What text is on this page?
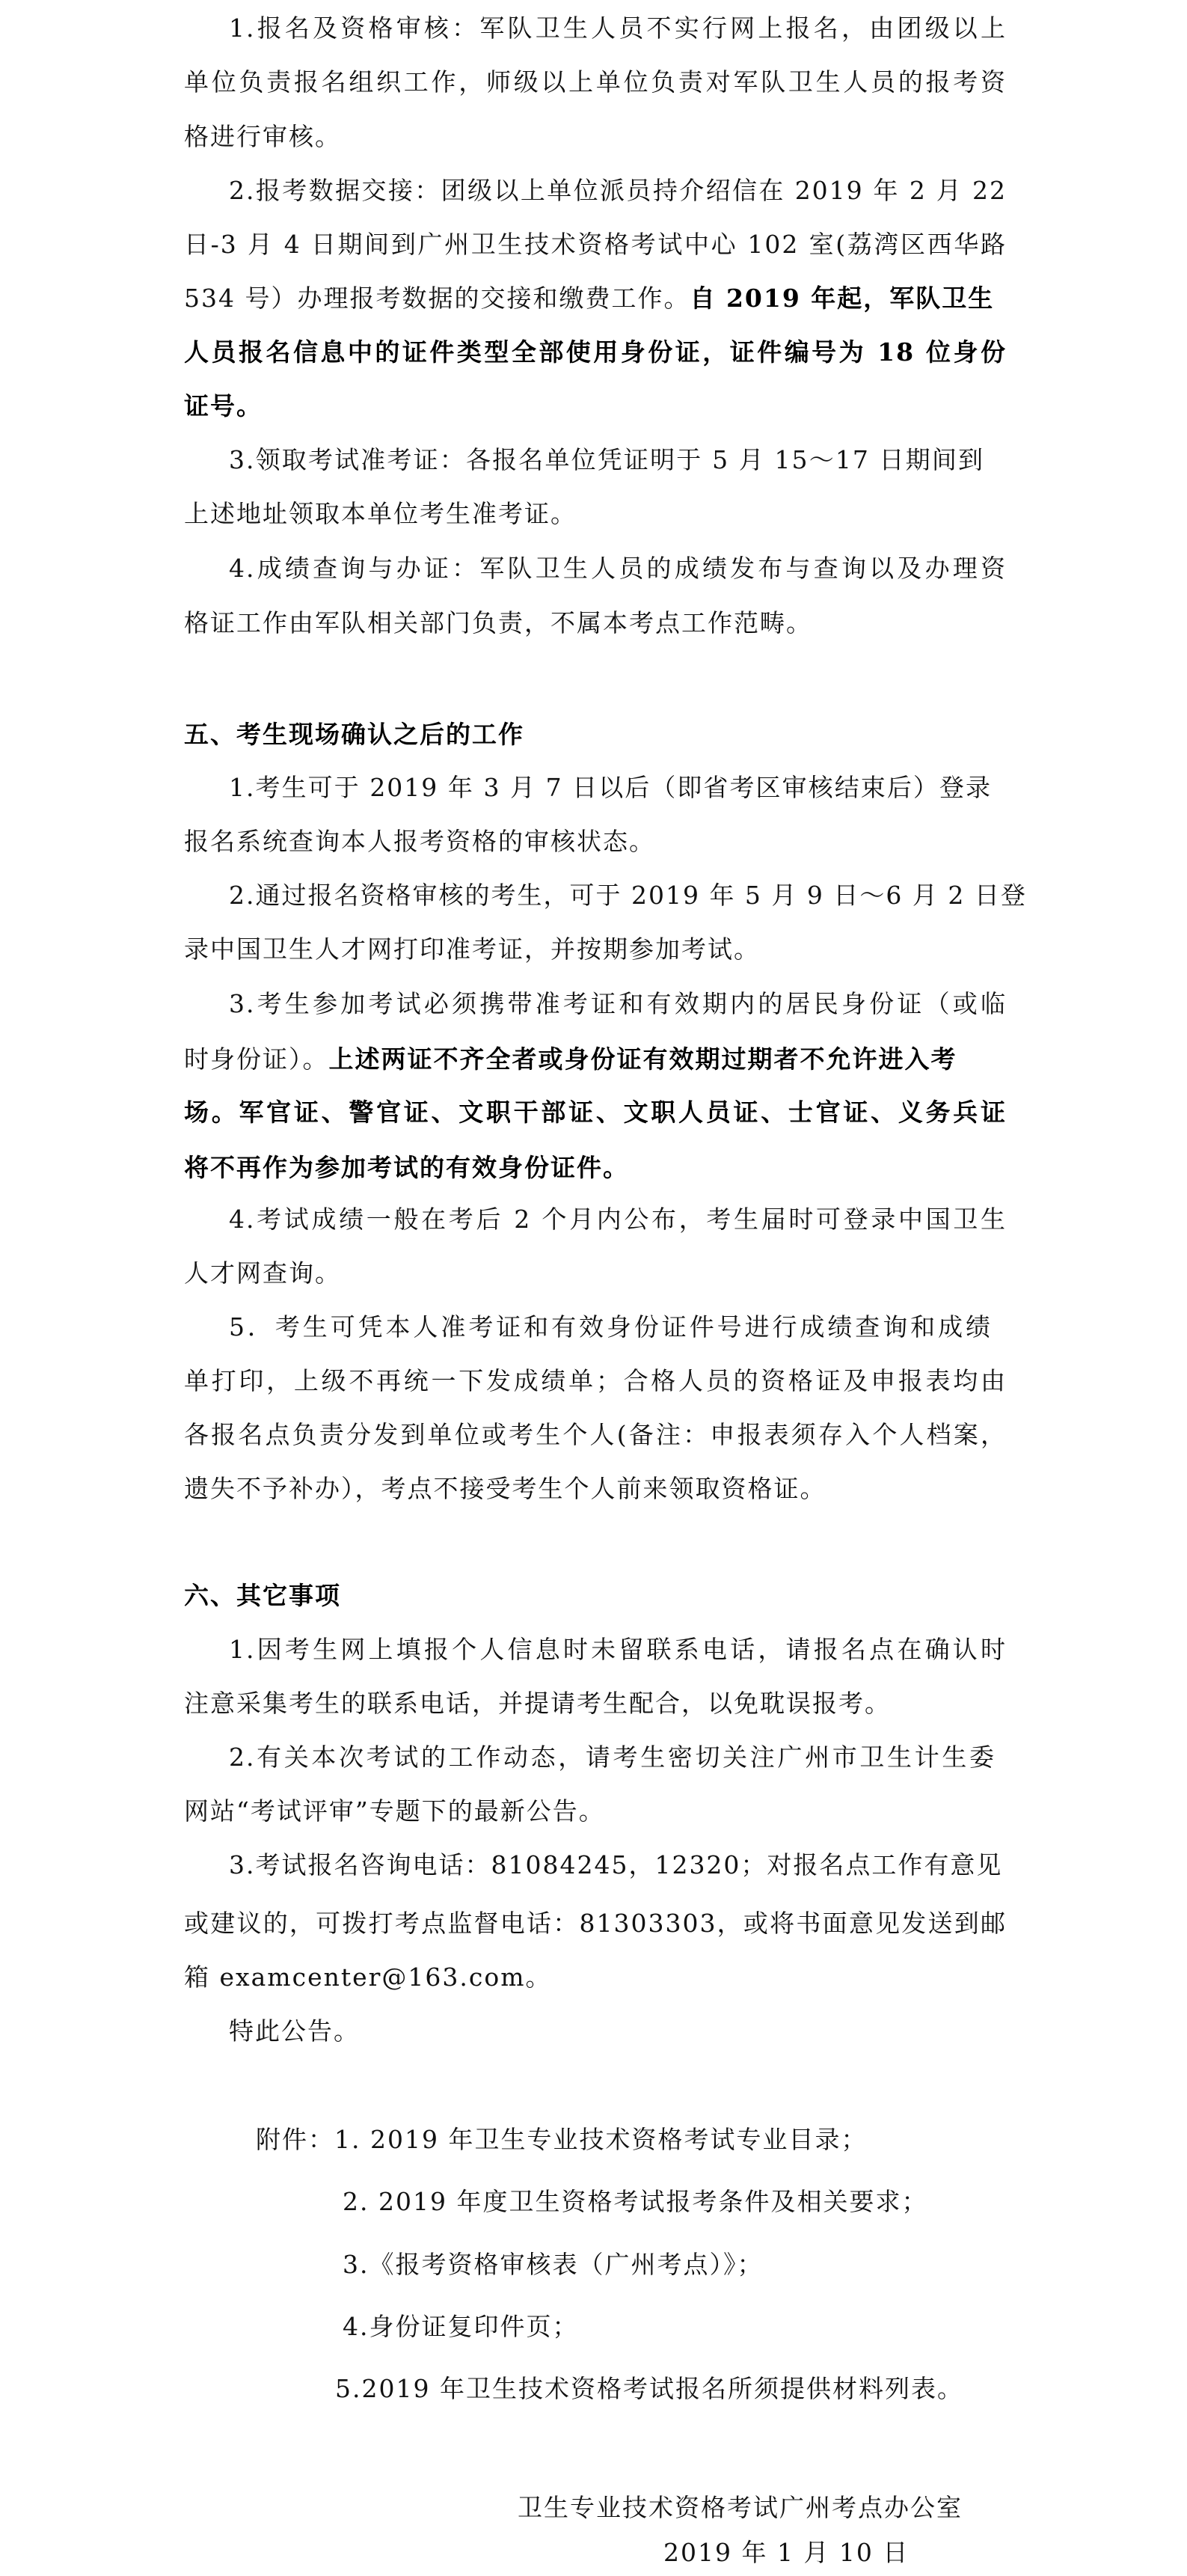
1.报名及资格审核：军队卫生人员不实行网上报名，由团级以上
单位负责报名组织工作，师级以上单位负责对军队卫生人员的报考资
格进行审核。
2.报考数据交接：团级以上单位派员持介绍信在 2019 年 2 月 22
日-3 月 4 日期间到广州卫生技术资格考试中心 102 室(荔湾区西华路
534 号）办理报考数据的交接和缴费工作。自 2019 年起，军队卫生
人员报名信息中的证件类型全部使用身份证，证件编号为 18 位身份
证号。
3.领取考试准考证：各报名单位凭证明于 5 月 15～17 日期间到
上述地址领取本单位考生准考证。
4.成绩查询与办证：军队卫生人员的成绩发布与查询以及办理资
格证工作由军队相关部门负责，不属本考点工作范畴。
五、考生现场确认之后的工作
1.考生可于 2019 年 3 月 7 日以后（即省考区审核结束后）登录
报名系统查询本人报考资格的审核状态。
2.通过报名资格审核的考生，可于 2019 年 5 月 9 日～6 月 2 日登
录中国卫生人才网打印准考证，并按期参加考试。
3.考生参加考试必须携带准考证和有效期内的居民身份证（或临
时身份证）。上述两证不齐全者或身份证有效期过期者不允许进入考
场。军官证、警官证、文职干部证、文职人员证、士官证、义务兵证
将不再作为参加考试的有效身份证件。
4.考试成绩一般在考后 2 个月内公布，考生届时可登录中国卫生
人才网查询。
5．考生可凭本人准考证和有效身份证件号进行成绩查询和成绩
单打印，上级不再统一下发成绩单；合格人员的资格证及申报表均由
各报名点负责分发到单位或考生个人(备注：申报表须存入个人档案，
遗失不予补办），考点不接受考生个人前来领取资格证。
六、其它事项
1.因考生网上填报个人信息时未留联系电话，请报名点在确认时
注意采集考生的联系电话，并提请考生配合，以免耽误报考。
2.有关本次考试的工作动态，请考生密切关注广州市卫生计生委
网站“考试评审”专题下的最新公告。
3.考试报名咨询电话：81084245，12320；对报名点工作有意见
或建议的，可拨打考点监督电话：81303303，或将书面意见发送到邮
箱 examcenter@163.com。
特此公告。
附件：1. 2019 年卫生专业技术资格考试专业目录；
2. 2019 年度卫生资格考试报考条件及相关要求；
3.《报考资格审核表（广州考点）》；
4.身份证复印件页；
5.2019 年卫生技术资格考试报名所须提供材料列表。
卫生专业技术资格考试广州考点办公室
2019 年 1 月 10 日
